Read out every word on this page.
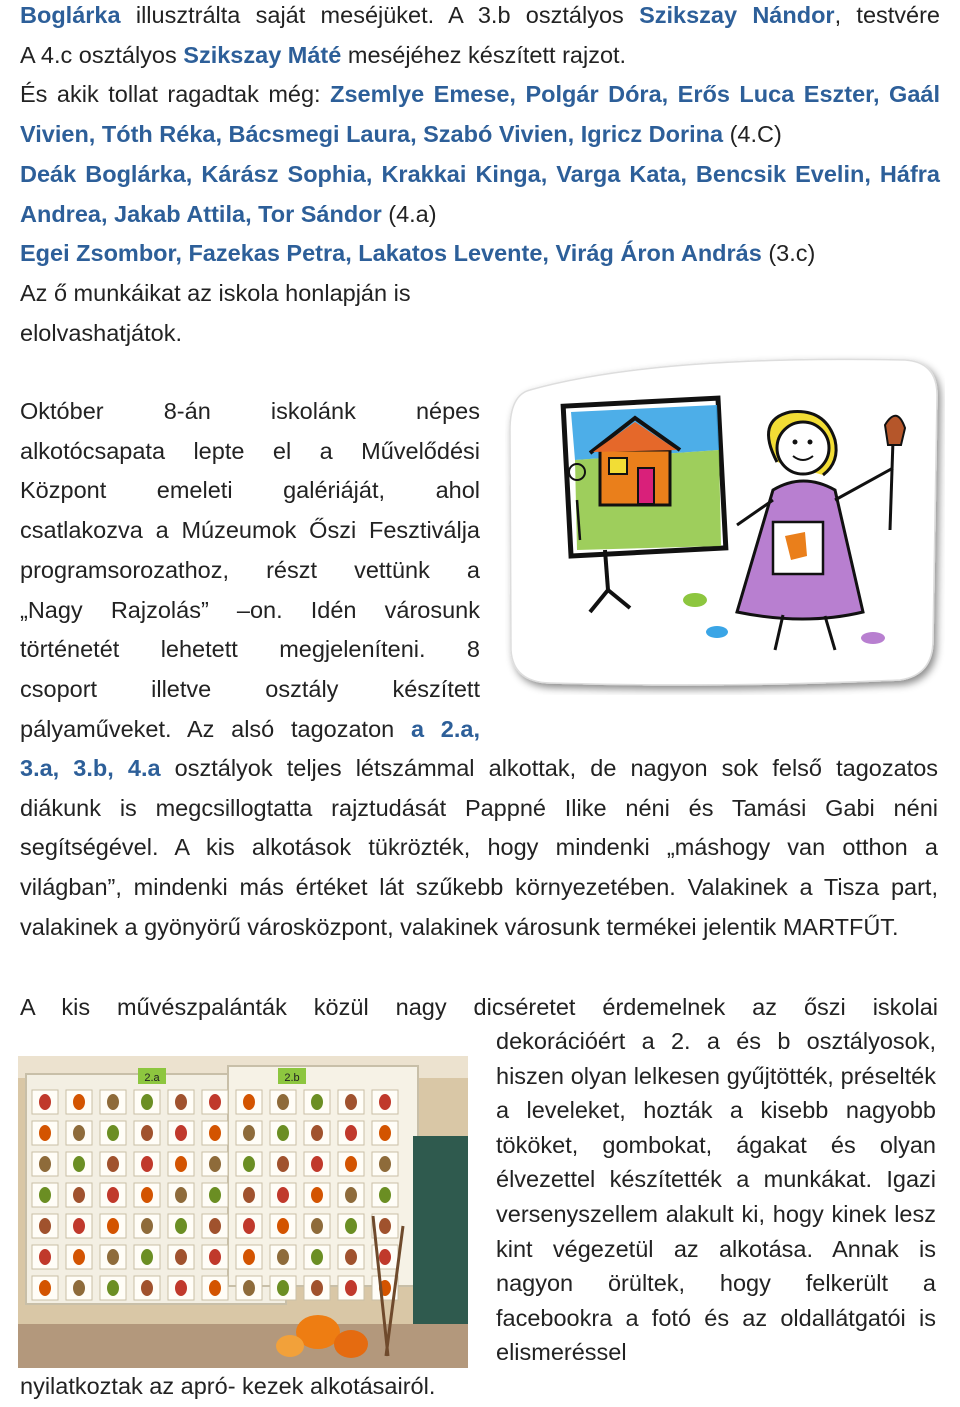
Boglárka illusztrálta saját meséjüket. A 3.b osztályos Szikszay Nándor, testvére
A 4.c osztályos Szikszay Máté meséjéhez készített rajzot.
És akik tollat ragadtak még: Zsemlye Emese, Polgár Dóra, Erős Luca Eszter, Gaál
Vivien, Tóth Réka, Bácsmegi Laura, Szabó Vivien, Igricz Dorina (4.C)
Deák Boglárka, Kárász Sophia, Krakkai Kinga, Varga Kata, Bencsik Evelin, Háfra
Andrea, Jakab Attila, Tor Sándor (4.a)
Egei Zsombor, Fazekas Petra, Lakatos Levente, Virág Áron András (3.c)
Az ő munkáikat az iskola honlapján is
elolvashatjátok.
Október 8-án iskolánk népes
alkotócsapata lepte el a Művelődési
Központ emeleti galériáját, ahol
csatlakozva a Múzeumok Őszi Fesztiválja
programsorozathoz, részt vettünk a
„Nagy Rajzolás” –on. Idén városunk
történetét lehetett megjeleníteni. 8
csoport illetve osztály készített
pályaműveket. Az alsó tagozaton a 2.a,
3.a, 3.b, 4.a osztályok teljes létszámmal alkottak, de nagyon sok felső tagozatos
diákunk is megcsillogtatta rajztudását Pappné Ilike néni és Tamási Gabi néni segítségével. A kis alkotások tükrözték, hogy mindenki „máshogy van otthon a világban”, mindenki más értéket lát szűkebb környezetében. Valakinek a Tisza part, valakinek a gyönyörű városközpont, valakinek városunk termékei jelentik MARTFŰT.
A kis művészpalánták közül nagy dicséretet érdemelnek az őszi iskolai
dekorációért a 2. a és b osztályosok, hiszen olyan lelkesen gyűjtötték, préselték a leveleket, hozták a kisebb nagyobb tököket, gombokat, ágakat és olyan élvezettel készítették a munkákat. Igazi versenyszellem alakult ki, hogy kinek lesz kint végezetül az alkotása. Annak is nagyon örültek, hogy felkerült a facebookra a fotó és az oldallátgatói is elismeréssel
nyilatkoztak az apró- kezek alkotásairól.
2.a	2.b
